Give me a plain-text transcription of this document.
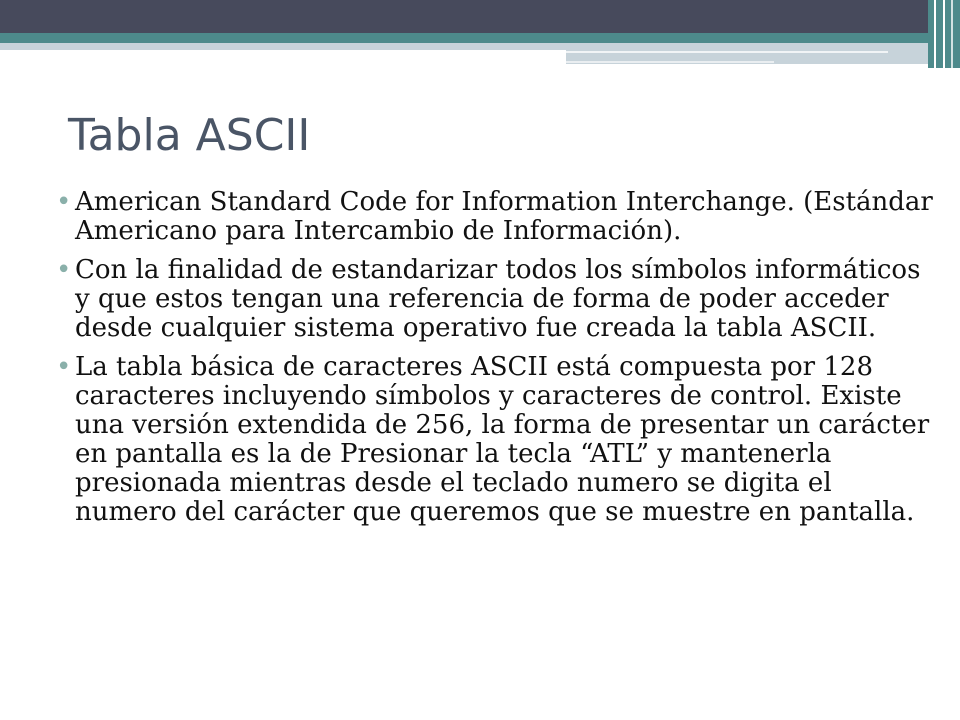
Tabla ASCII
• American Standard Code for Information Interchange. (Estándar Americano para Intercambio de Información).
• Con la finalidad de estandarizar todos los símbolos informáticos y que estos tengan una referencia de forma de poder acceder desde cualquier sistema operativo fue creada la tabla ASCII.
• La tabla básica de caracteres ASCII está compuesta por 128 caracteres incluyendo símbolos y caracteres de control. Existe una versión extendida de 256, la forma de presentar un carácter en pantalla es la de Presionar la tecla “ATL” y mantenerla presionada mientras desde el teclado numero se digita el numero del carácter que queremos que se muestre en pantalla.
